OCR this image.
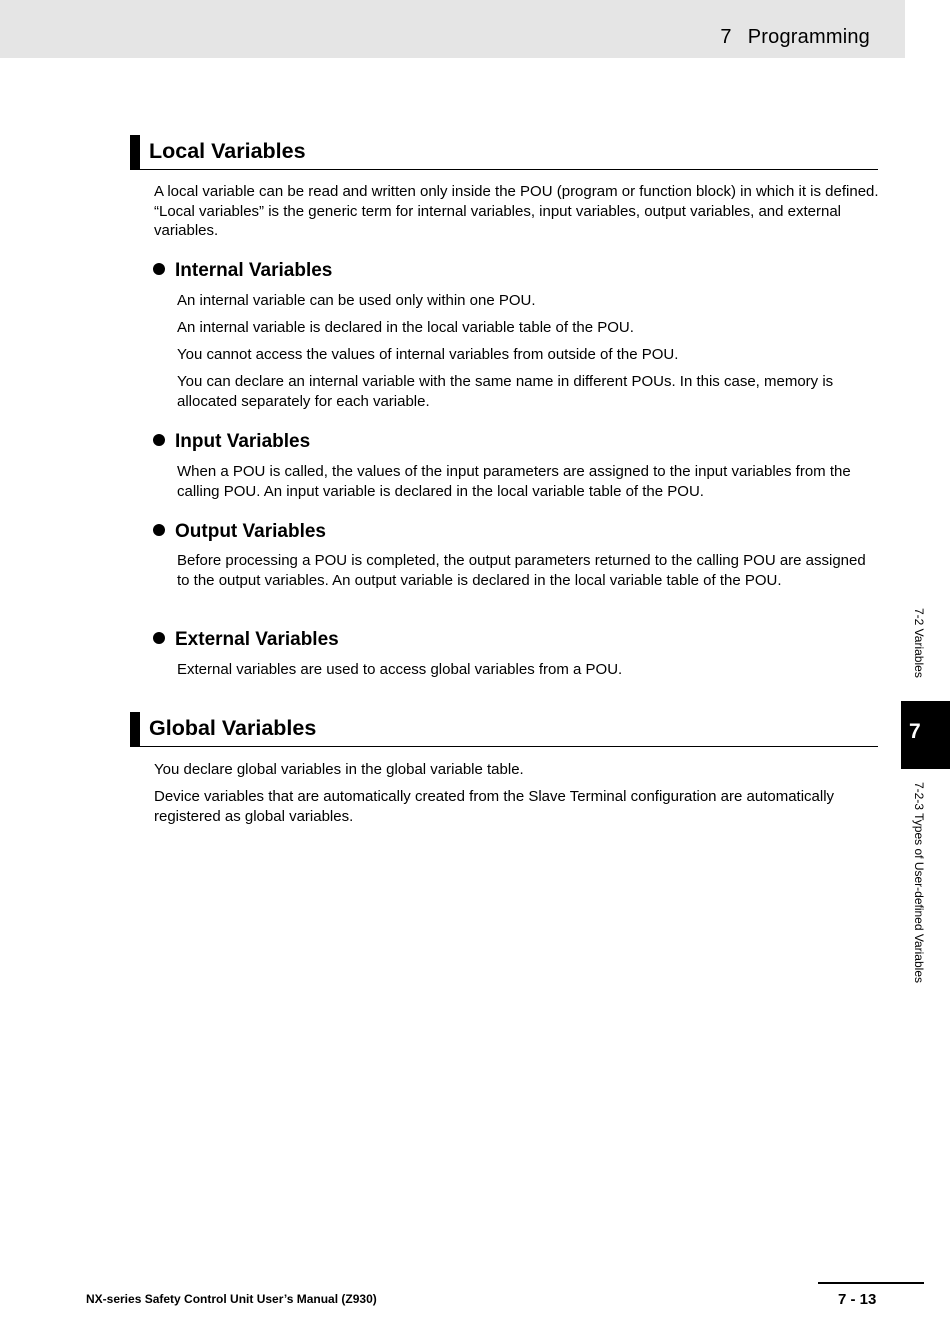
7 Programming
Local Variables
A local variable can be read and written only inside the POU (program or function block) in which it is defined. “Local variables” is the generic term for internal variables, input variables, output variables, and external variables.
Internal Variables
An internal variable can be used only within one POU.
An internal variable is declared in the local variable table of the POU.
You cannot access the values of internal variables from outside of the POU.
You can declare an internal variable with the same name in different POUs. In this case, memory is allocated separately for each variable.
Input Variables
When a POU is called, the values of the input parameters are assigned to the input variables from the calling POU. An input variable is declared in the local variable table of the POU.
Output Variables
Before processing a POU is completed, the output parameters returned to the calling POU are assigned to the output variables. An output variable is declared in the local variable table of the POU.
External Variables
External variables are used to access global variables from a POU.
Global Variables
You declare global variables in the global variable table.
Device variables that are automatically created from the Slave Terminal configuration are automatically registered as global variables.
7-2 Variables
7
7-2-3 Types of User-defined Variables
NX-series Safety Control Unit User’s Manual (Z930)	7 - 13
